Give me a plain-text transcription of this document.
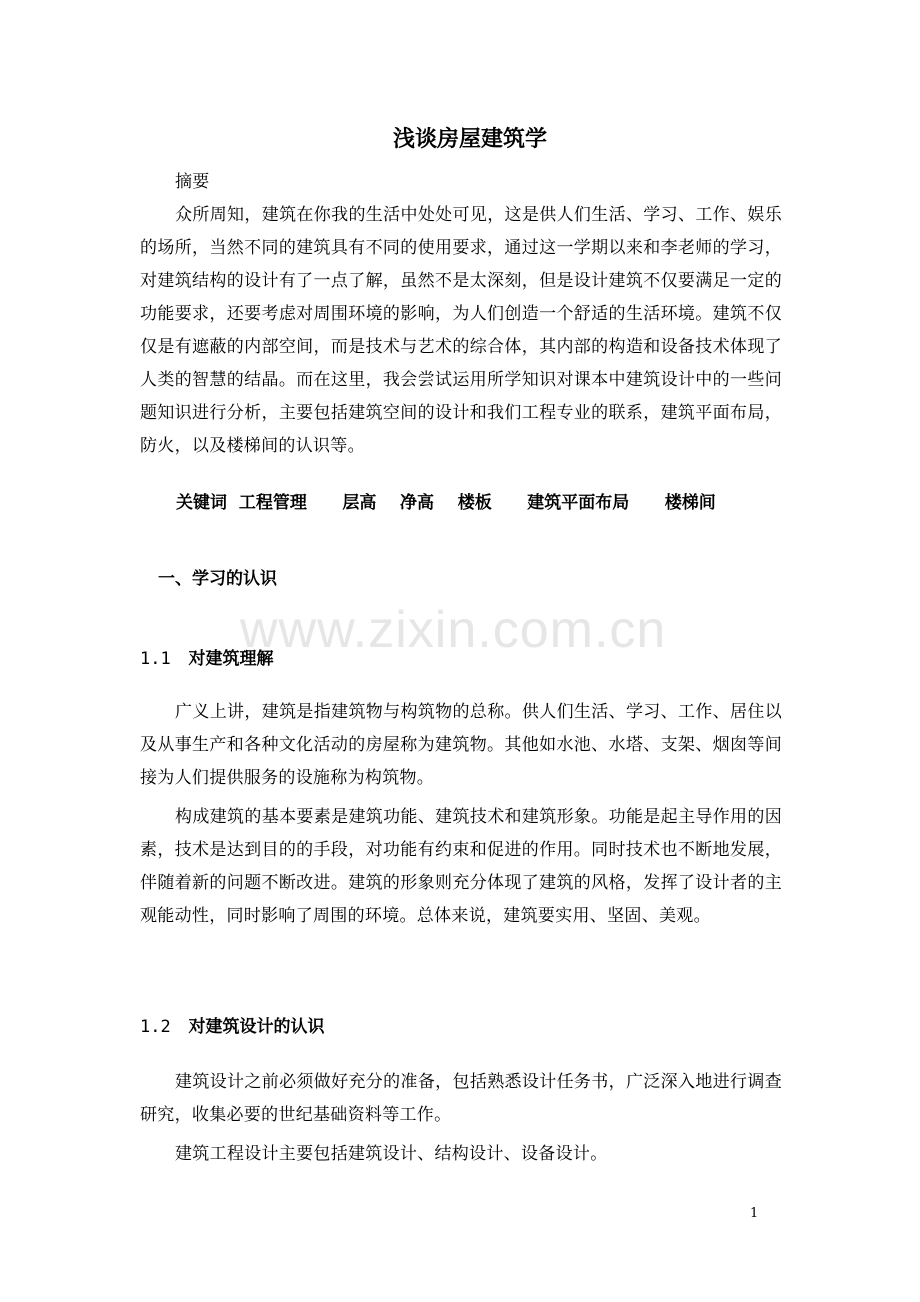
浅谈房屋建筑学
摘要
众所周知，建筑在你我的生活中处处可见，这是供人们生活、学习、工作、娱乐的场所，当然不同的建筑具有不同的使用要求，通过这一学期以来和李老师的学习，对建筑结构的设计有了一点了解，虽然不是太深刻，但是设计建筑不仅要满足一定的功能要求，还要考虑对周围环境的影响，为人们创造一个舒适的生活环境。建筑不仅仅是有遮蔽的内部空间，而是技术与艺术的综合体，其内部的构造和设备技术体现了人类的智慧的结晶。而在这里，我会尝试运用所学知识对课本中建筑设计中的一些问题知识进行分析，主要包括建筑空间的设计和我们工程专业的联系，建筑平面布局，防火，以及楼梯间的认识等。
关键词  工程管理      层高    净高    楼板      建筑平面布局      楼梯间
一、学习的认识
www.zixin.com.cn
1.1 对建筑理解
广义上讲，建筑是指建筑物与构筑物的总称。供人们生活、学习、工作、居住以及从事生产和各种文化活动的房屋称为建筑物。其他如水池、水塔、支架、烟囱等间接为人们提供服务的设施称为构筑物。
构成建筑的基本要素是建筑功能、建筑技术和建筑形象。功能是起主导作用的因素，技术是达到目的的手段，对功能有约束和促进的作用。同时技术也不断地发展，伴随着新的问题不断改进。建筑的形象则充分体现了建筑的风格，发挥了设计者的主观能动性，同时影响了周围的环境。总体来说，建筑要实用、坚固、美观。
1.2 对建筑设计的认识
建筑设计之前必须做好充分的准备，包括熟悉设计任务书，广泛深入地进行调查研究，收集必要的世纪基础资料等工作。
建筑工程设计主要包括建筑设计、结构设计、设备设计。
1
